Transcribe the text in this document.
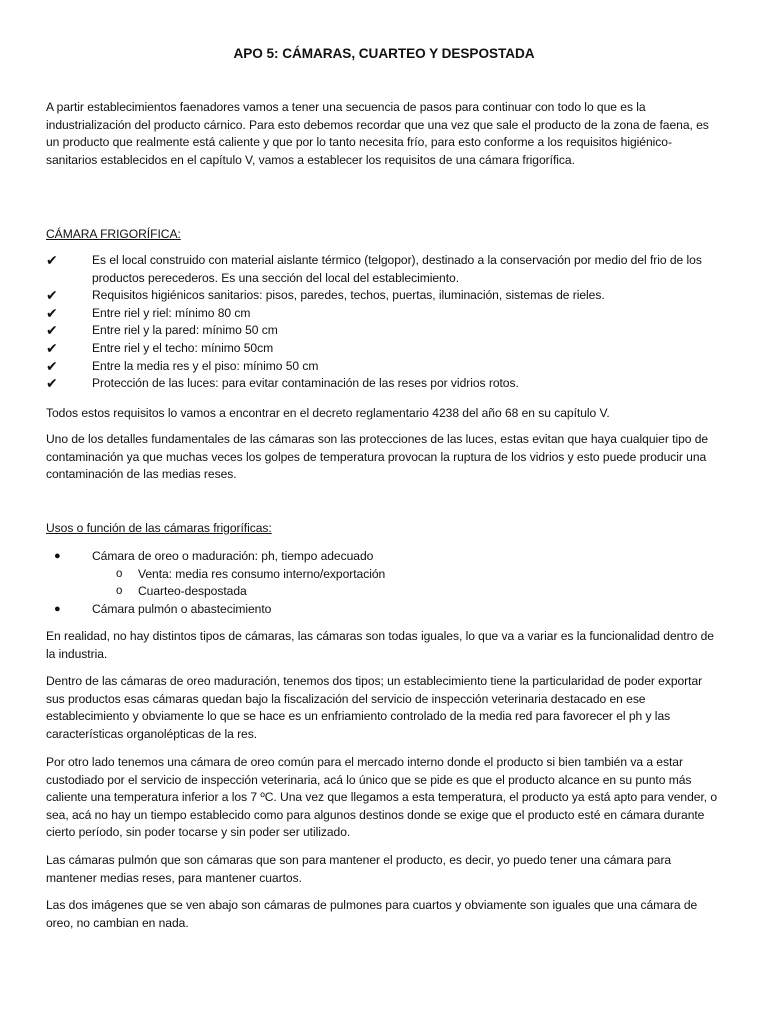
APO 5: CÁMARAS, CUARTEO Y DESPOSTADA

A partir establecimientos faenadores vamos a tener una secuencia de pasos para continuar con todo lo que es la industrialización del producto cárnico. Para esto debemos recordar que una vez que sale el producto de la zona de faena, es un producto que realmente está caliente y que por lo tanto necesita frío, para esto conforme a los requisitos higiénico-sanitarios establecidos en el capítulo V, vamos a establecer los requisitos de una cámara frigorífica.

CÁMARA FRIGORÍFICA:

✔	Es el local construido con material aislante térmico (telgopor), destinado a la conservación por medio del frio de los productos perecederos. Es una sección del local del establecimiento.
✔	Requisitos higiénicos sanitarios: pisos, paredes, techos, puertas, iluminación, sistemas de rieles.
✔	Entre riel y riel: mínimo 80 cm
✔	Entre riel y la pared: mínimo 50 cm
✔	Entre riel y el techo: mínimo 50cm
✔	Entre la media res y el piso: mínimo 50 cm
✔	Protección de las luces: para evitar contaminación de las reses por vidrios rotos.

Todos estos requisitos lo vamos a encontrar en el decreto reglamentario 4238 del año 68 en su capítulo V.

Uno de los detalles fundamentales de las cámaras son las protecciones de las luces, estas evitan que haya cualquier tipo de contaminación ya que muchas veces los golpes de temperatura provocan la ruptura de los vidrios y esto puede producir una contaminación de las medias reses.

Usos o función de las cámaras frigoríficas:

●	Cámara de oreo o maduración: ph, tiempo adecuado
o Venta: media res consumo interno/exportación
o Cuarteo-despostada
●	Cámara pulmón o abastecimiento

En realidad, no hay distintos tipos de cámaras, las cámaras son todas iguales, lo que va a variar es la funcionalidad dentro de la industria.

Dentro de las cámaras de oreo maduración, tenemos dos tipos; un establecimiento tiene la particularidad de poder exportar sus productos esas cámaras quedan bajo la fiscalización del servicio de inspección veterinaria destacado en ese establecimiento y obviamente lo que se hace es un enfriamiento controlado de la media red para favorecer el ph y las características organolépticas de la res.

Por otro lado tenemos una cámara de oreo común para el mercado interno donde el producto si bien también va a estar custodiado por el servicio de inspección veterinaria, acá lo único que se pide es que el producto alcance en su punto más caliente una temperatura inferior a los 7 ºC. Una vez que llegamos a esta temperatura, el producto ya está apto para vender, o sea, acá no hay un tiempo establecido como para algunos destinos donde se exige que el producto esté en cámara durante cierto período, sin poder tocarse y sin poder ser utilizado.

Las cámaras pulmón que son cámaras que son para mantener el producto, es decir, yo puedo tener una cámara para mantener medias reses, para mantener cuartos.

Las dos imágenes que se ven abajo son cámaras de pulmones para cuartos y obviamente son iguales que una cámara de oreo, no cambian en nada.
